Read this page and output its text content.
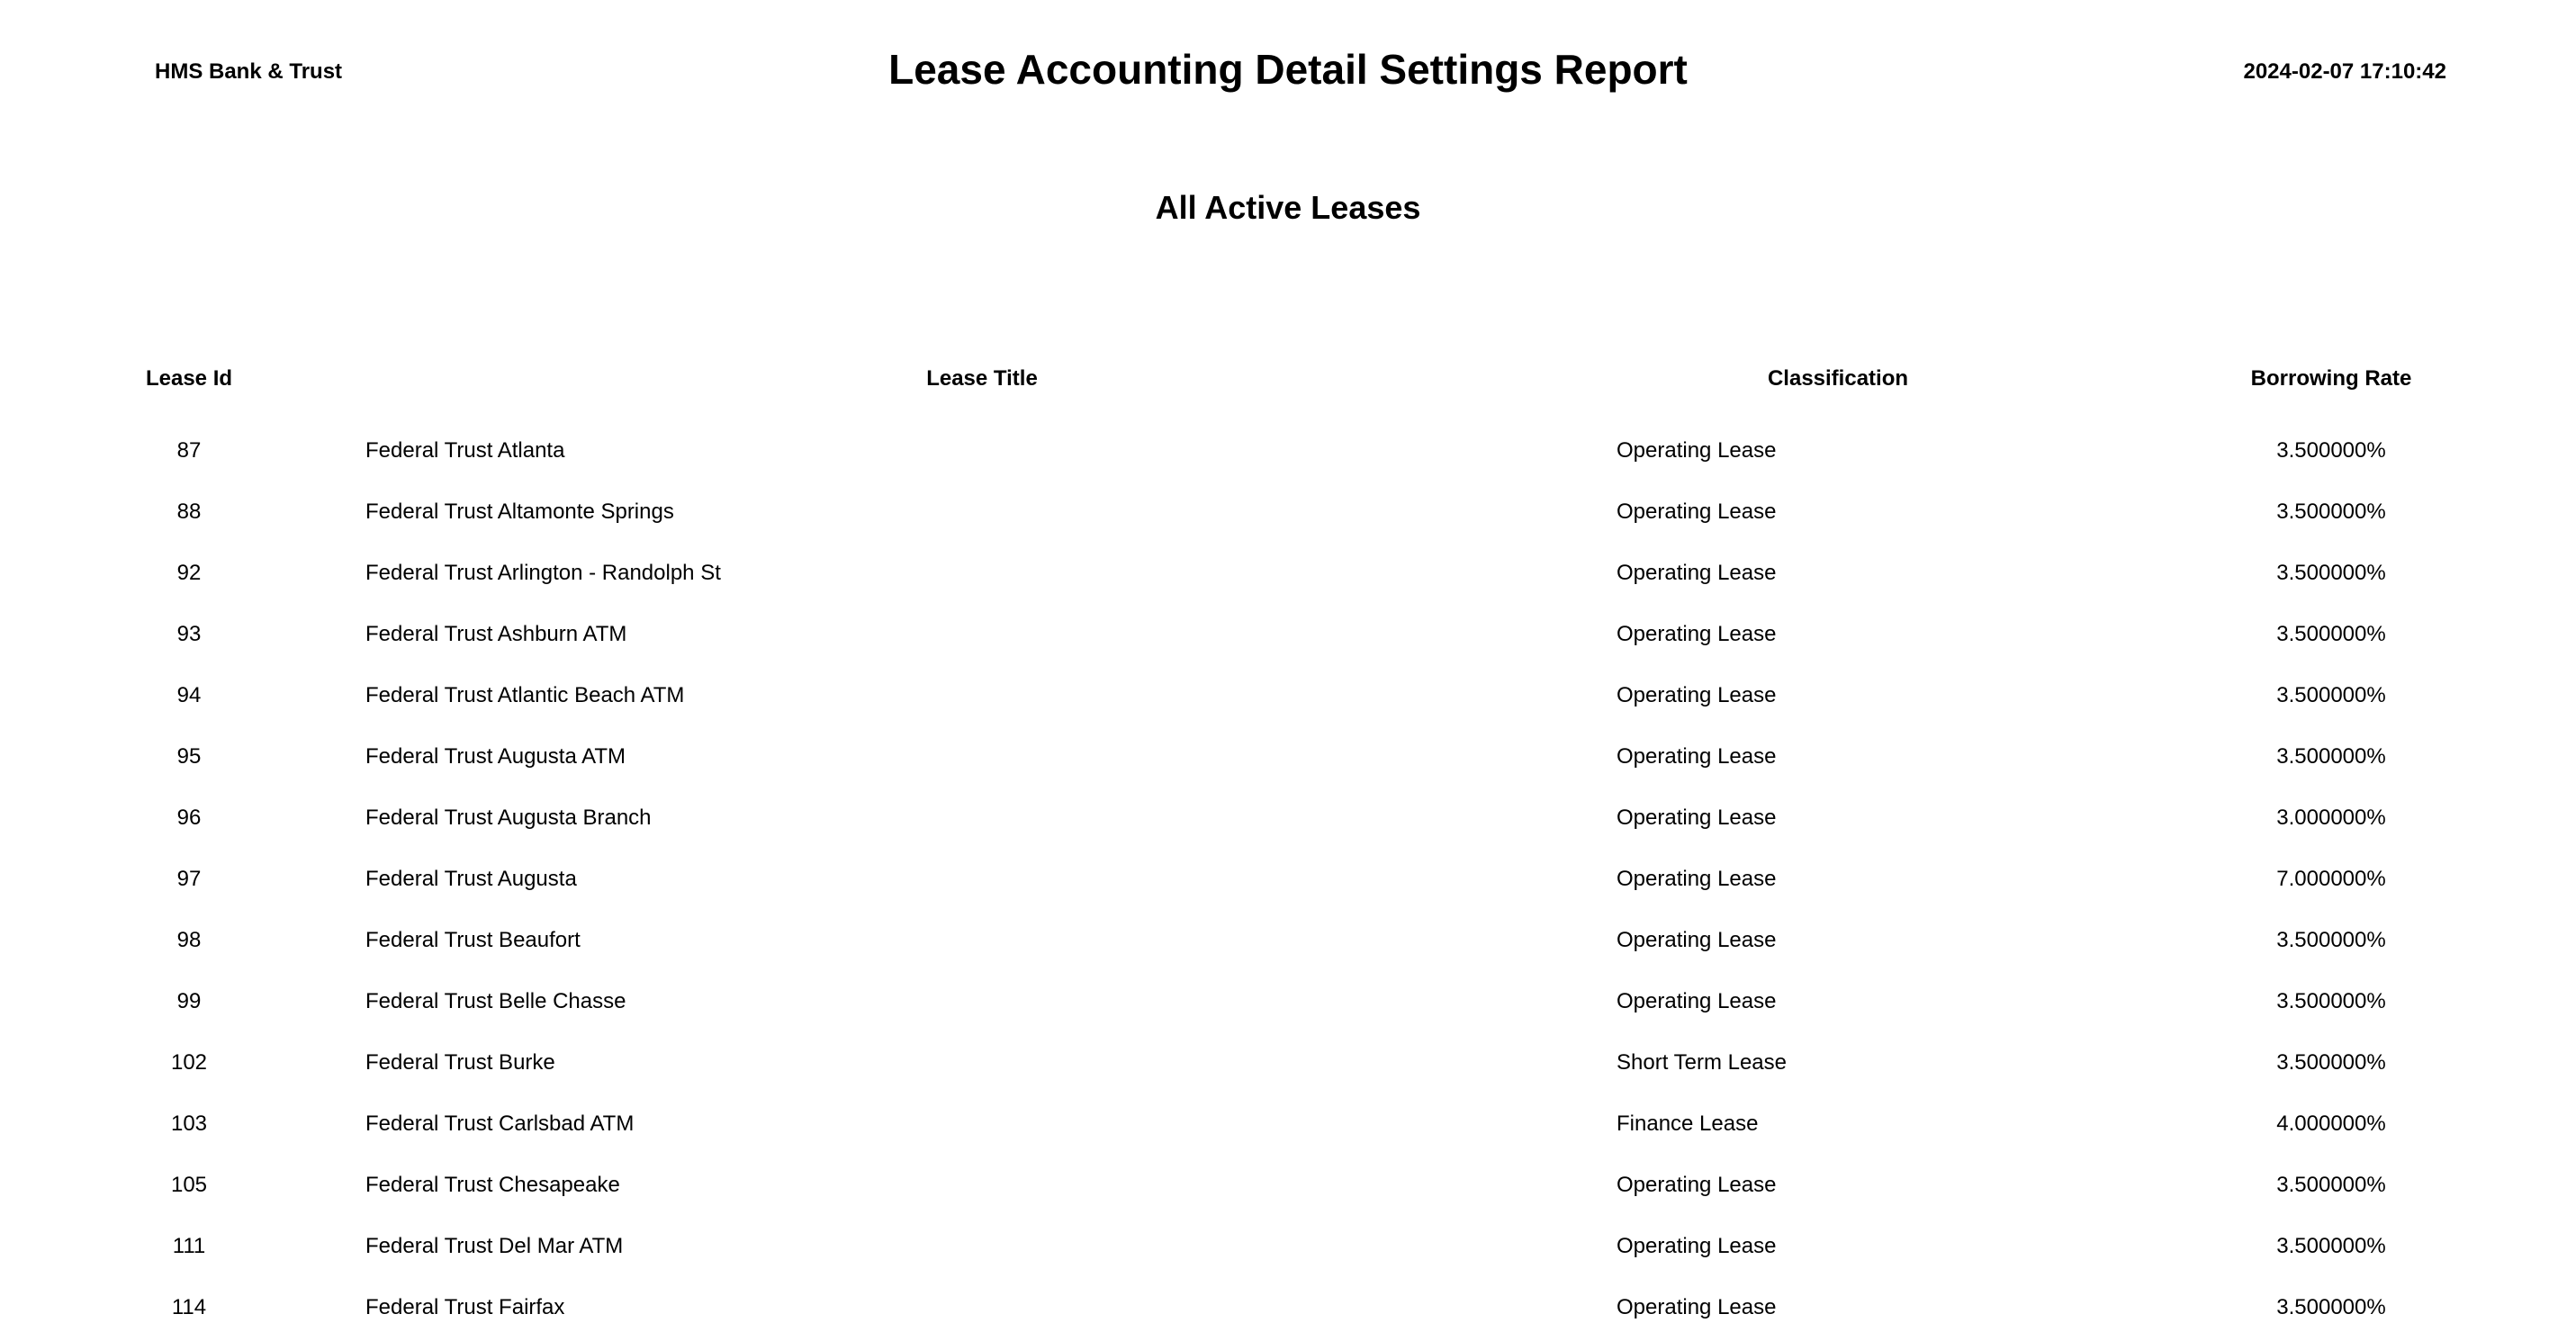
HMS Bank & Trust	Lease Accounting Detail Settings Report	2024-02-07 17:10:42
All Active Leases
Lease Id	Lease Title	Classification	Borrowing Rate
87	Federal Trust Atlanta	Operating Lease	3.500000%
88	Federal Trust Altamonte Springs	Operating Lease	3.500000%
92	Federal Trust Arlington - Randolph St	Operating Lease	3.500000%
93	Federal Trust Ashburn ATM	Operating Lease	3.500000%
94	Federal Trust Atlantic Beach ATM	Operating Lease	3.500000%
95	Federal Trust Augusta ATM	Operating Lease	3.500000%
96	Federal Trust Augusta Branch	Operating Lease	3.000000%
97	Federal Trust Augusta	Operating Lease	7.000000%
98	Federal Trust Beaufort	Operating Lease	3.500000%
99	Federal Trust Belle Chasse	Operating Lease	3.500000%
102	Federal Trust Burke	Short Term Lease	3.500000%
103	Federal Trust Carlsbad ATM	Finance Lease	4.000000%
105	Federal Trust Chesapeake	Operating Lease	3.500000%
111	Federal Trust Del Mar ATM	Operating Lease	3.500000%
114	Federal Trust Fairfax	Operating Lease	3.500000%
